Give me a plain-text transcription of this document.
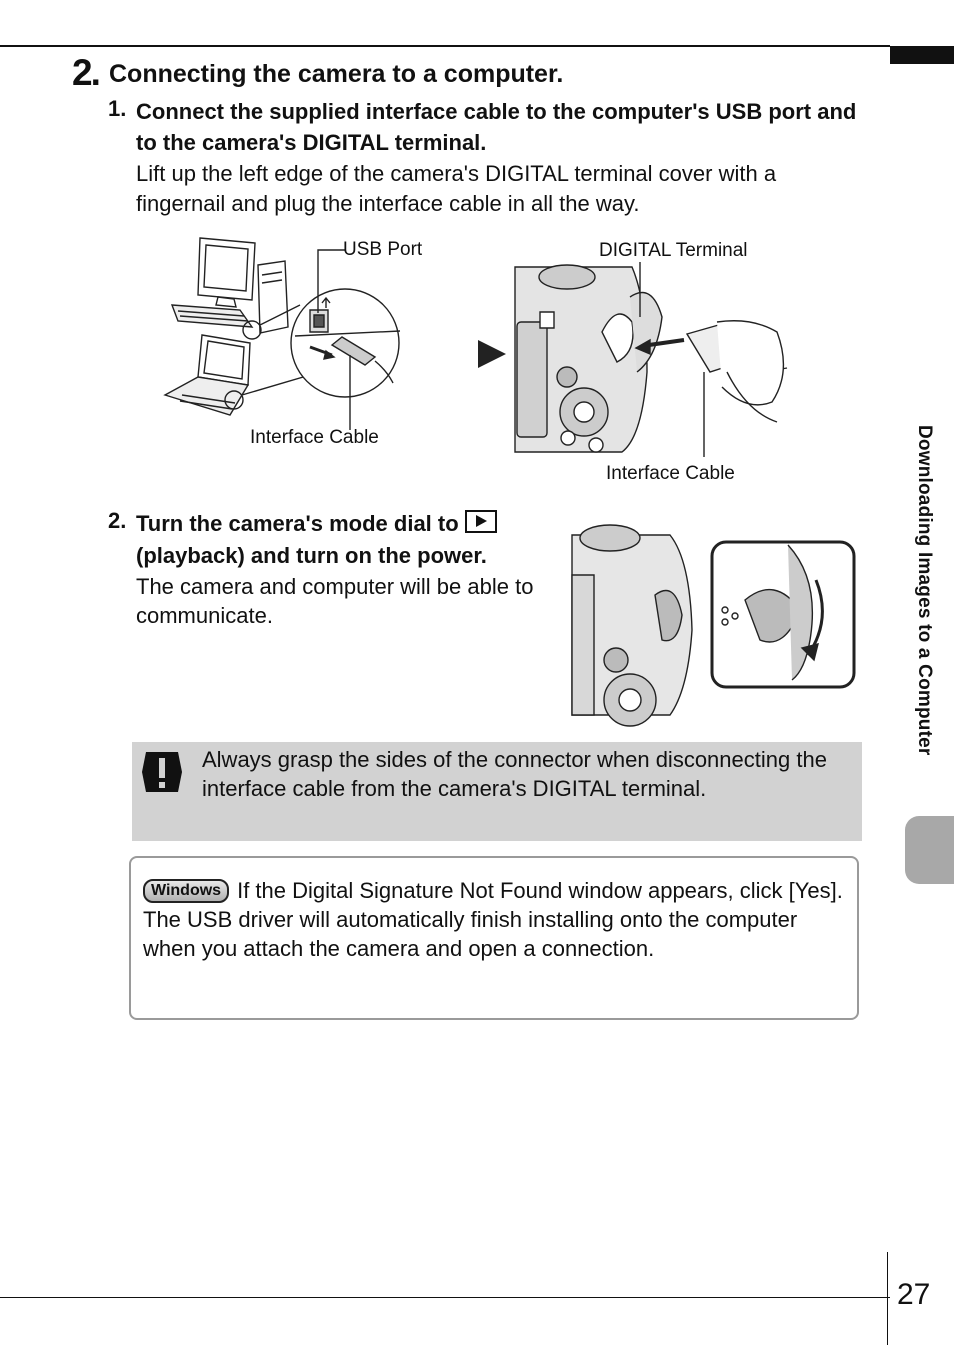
Downloading Images to a Computer
27
2. Connecting the camera to a computer.
1. Connect the supplied interface cable to the computer's USB port and to the camera's DIGITAL terminal.
Lift up the left edge of the camera's DIGITAL terminal cover with a fingernail and plug the interface cable in all the way.
USB Port
Interface Cable
DIGITAL Terminal
Interface Cable
2. Turn the camera's mode dial to (playback) and turn on the power.
The camera and computer will be able to communicate.
Always grasp the sides of the connector when disconnecting the interface cable from the camera's DIGITAL terminal.
Windows If the Digital Signature Not Found window appears, click [Yes]. The USB driver will automatically finish installing onto the computer when you attach the camera and open a connection.
